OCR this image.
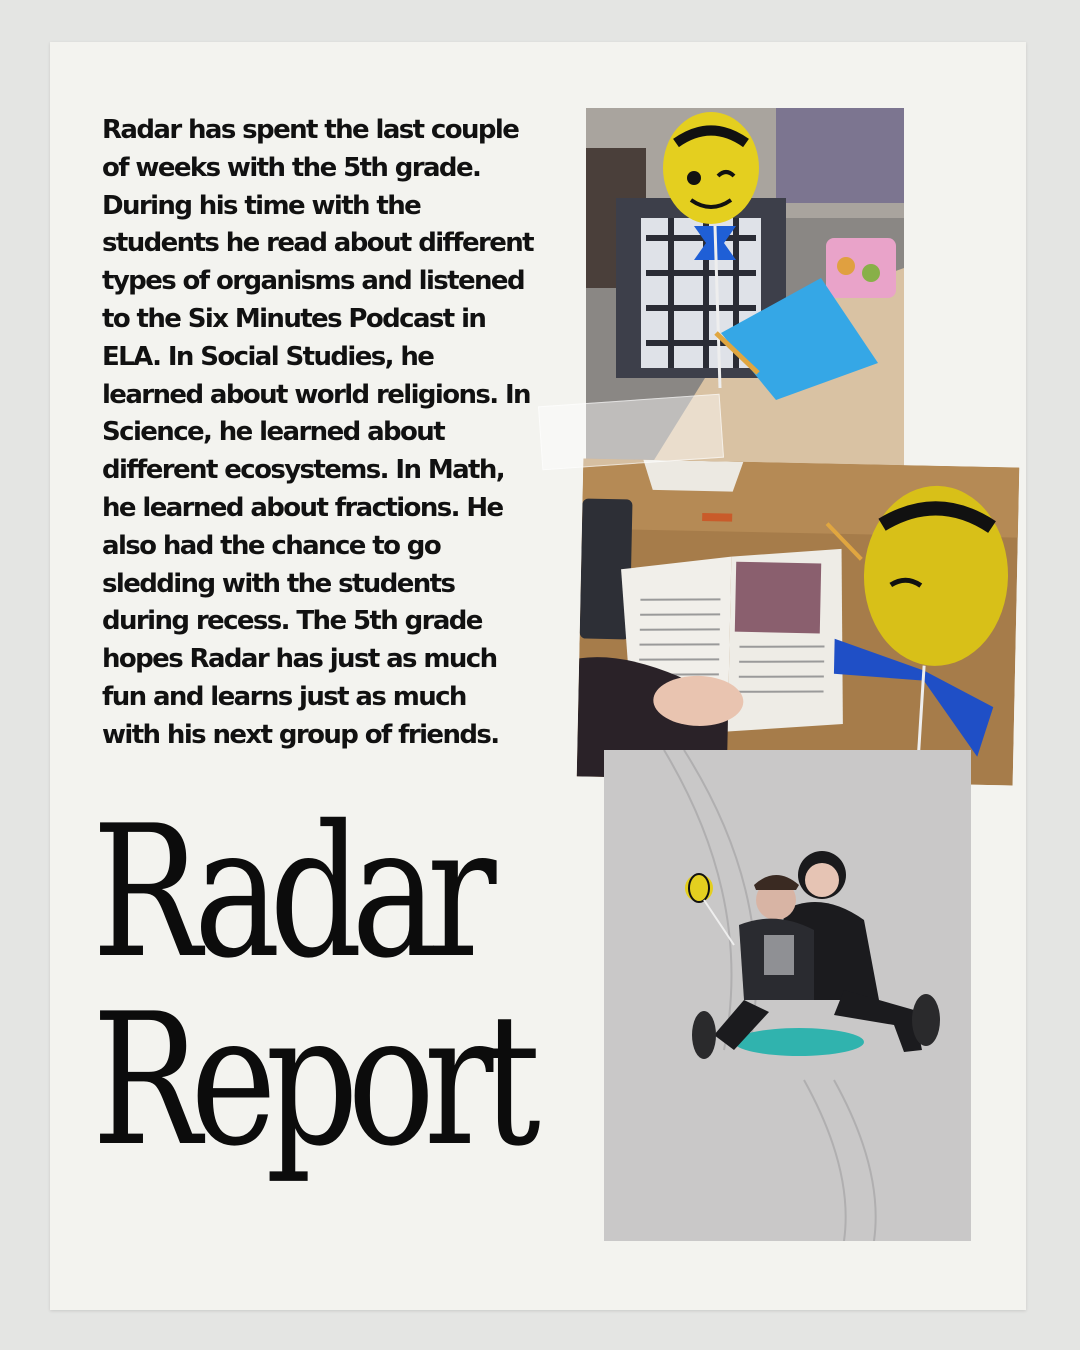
Radar has spent the last couple
of weeks with the 5th grade.
During his time with the
students he read about different
types of organisms and listened
to the Six Minutes Podcast in
ELA. In Social Studies, he
learned about world religions. In
Science, he learned about
different ecosystems. In Math,
he learned about fractions. He
also had the chance to go
sledding with the students
during recess. The 5th grade
hopes Radar has just as much
fun and learns just as much
with his next group of friends.
Radar
Report
